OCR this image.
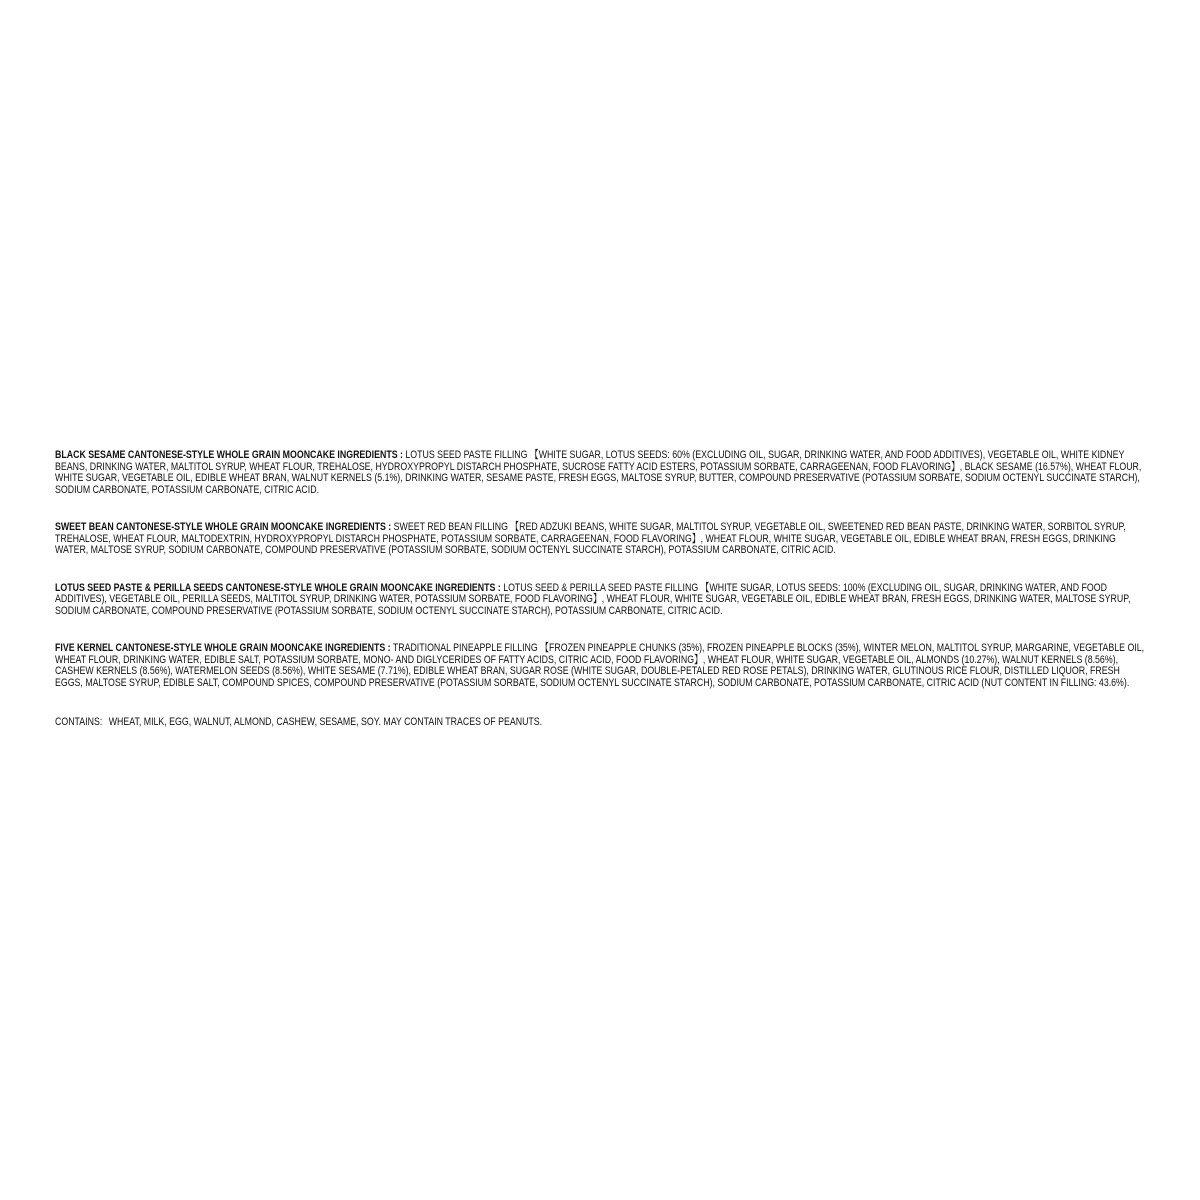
BLACK SESAME CANTONESE-STYLE WHOLE GRAIN MOONCAKE INGREDIENTS : LOTUS SEED PASTE FILLING 【WHITE SUGAR, LOTUS SEEDS: 60% (EXCLUDING OIL, SUGAR, DRINKING WATER, AND FOOD ADDITIVES), VEGETABLE OIL, WHITE KIDNEY BEANS, DRINKING WATER, MALTITOL SYRUP, WHEAT FLOUR, TREHALOSE, HYDROXYPROPYL DISTARCH PHOSPHATE, SUCROSE FATTY ACID ESTERS, POTASSIUM SORBATE, CARRAGEENAN, FOOD FLAVORING】, BLACK SESAME (16.57%), WHEAT FLOUR, WHITE SUGAR, VEGETABLE OIL, EDIBLE WHEAT BRAN, WALNUT KERNELS (5.1%), DRINKING WATER, SESAME PASTE, FRESH EGGS, MALTOSE SYRUP, BUTTER, COMPOUND PRESERVATIVE (POTASSIUM SORBATE, SODIUM OCTENYL SUCCINATE STARCH), SODIUM CARBONATE, POTASSIUM CARBONATE, CITRIC ACID.

SWEET BEAN CANTONESE-STYLE WHOLE GRAIN MOONCAKE INGREDIENTS : SWEET RED BEAN FILLING 【RED ADZUKI BEANS, WHITE SUGAR, MALTITOL SYRUP, VEGETABLE OIL, SWEETENED RED BEAN PASTE, DRINKING WATER, SORBITOL SYRUP, TREHALOSE, WHEAT FLOUR, MALTODEXTRIN, HYDROXYPROPYL DISTARCH PHOSPHATE, POTASSIUM SORBATE, CARRAGEENAN, FOOD FLAVORING】, WHEAT FLOUR, WHITE SUGAR, VEGETABLE OIL, EDIBLE WHEAT BRAN, FRESH EGGS, DRINKING WATER, MALTOSE SYRUP, SODIUM CARBONATE, COMPOUND PRESERVATIVE (POTASSIUM SORBATE, SODIUM OCTENYL SUCCINATE STARCH), POTASSIUM CARBONATE, CITRIC ACID.

LOTUS SEED PASTE & PERILLA SEEDS CANTONESE-STYLE WHOLE GRAIN MOONCAKE INGREDIENTS : LOTUS SEED & PERILLA SEED PASTE FILLING 【WHITE SUGAR, LOTUS SEEDS: 100% (EXCLUDING OIL, SUGAR, DRINKING WATER, AND FOOD ADDITIVES), VEGETABLE OIL, PERILLA SEEDS, MALTITOL SYRUP, DRINKING WATER, POTASSIUM SORBATE, FOOD FLAVORING】, WHEAT FLOUR, WHITE SUGAR, VEGETABLE OIL, EDIBLE WHEAT BRAN, FRESH EGGS, DRINKING WATER, MALTOSE SYRUP, SODIUM CARBONATE, COMPOUND PRESERVATIVE (POTASSIUM SORBATE, SODIUM OCTENYL SUCCINATE STARCH), POTASSIUM CARBONATE, CITRIC ACID.

FIVE KERNEL CANTONESE-STYLE WHOLE GRAIN MOONCAKE INGREDIENTS : TRADITIONAL PINEAPPLE FILLING 【FROZEN PINEAPPLE CHUNKS (35%), FROZEN PINEAPPLE BLOCKS (35%), WINTER MELON, MALTITOL SYRUP, MARGARINE, VEGETABLE OIL, WHEAT FLOUR, DRINKING WATER, EDIBLE SALT, POTASSIUM SORBATE, MONO- AND DIGLYCERIDES OF FATTY ACIDS, CITRIC ACID, FOOD FLAVORING】, WHEAT FLOUR, WHITE SUGAR, VEGETABLE OIL, ALMONDS (10.27%), WALNUT KERNELS (8.56%), CASHEW KERNELS (8.56%), WATERMELON SEEDS (8.56%), WHITE SESAME (7.71%), EDIBLE WHEAT BRAN, SUGAR ROSE (WHITE SUGAR, DOUBLE-PETALED RED ROSE PETALS), DRINKING WATER, GLUTINOUS RICE FLOUR, DISTILLED LIQUOR, FRESH EGGS, MALTOSE SYRUP, EDIBLE SALT, COMPOUND SPICES, COMPOUND PRESERVATIVE (POTASSIUM SORBATE, SODIUM OCTENYL SUCCINATE STARCH), SODIUM CARBONATE, POTASSIUM CARBONATE, CITRIC ACID (NUT CONTENT IN FILLING: 43.6%).

CONTAINS: WHEAT, MILK, EGG, WALNUT, ALMOND, CASHEW, SESAME, SOY. MAY CONTAIN TRACES OF PEANUTS.
